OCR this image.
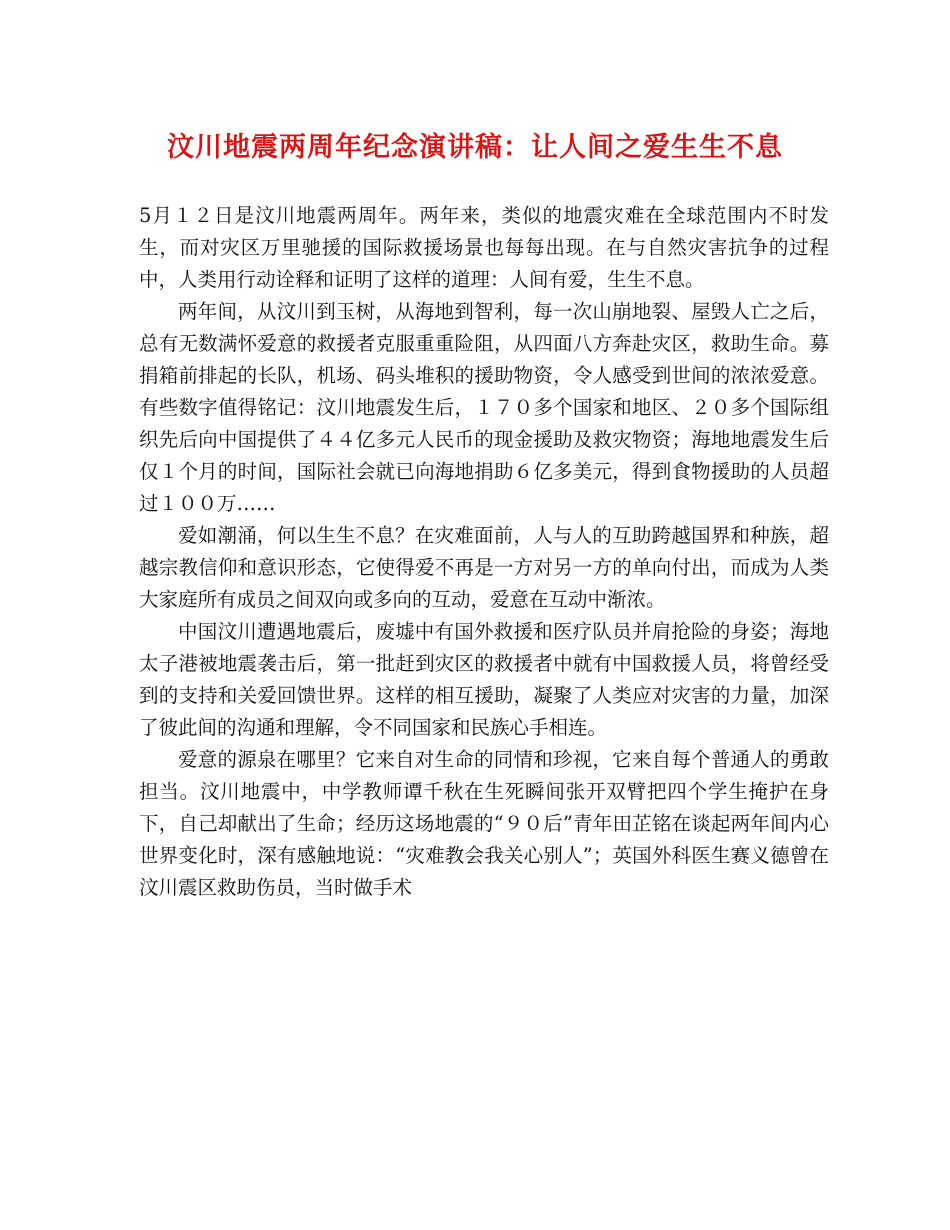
汶川地震两周年纪念演讲稿：让人间之爱生生不息

5月１２日是汶川地震两周年。两年来，类似的地震灾难在全球范围内不时发生，而对灾区万里驰援的国际救援场景也每每出现。在与自然灾害抗争的过程中，人类用行动诠释和证明了这样的道理：人间有爱，生生不息。

两年间，从汶川到玉树，从海地到智利，每一次山崩地裂、屋毁人亡之后，总有无数满怀爱意的救援者克服重重险阻，从四面八方奔赴灾区，救助生命。募捐箱前排起的长队，机场、码头堆积的援助物资，令人感受到世间的浓浓爱意。有些数字值得铭记：汶川地震发生后，１７０多个国家和地区、２０多个国际组织先后向中国提供了４４亿多元人民币的现金援助及救灾物资；海地地震发生后仅１个月的时间，国际社会就已向海地捐助６亿多美元，得到食物援助的人员超过１００万……

爱如潮涌，何以生生不息？在灾难面前，人与人的互助跨越国界和种族，超越宗教信仰和意识形态，它使得爱不再是一方对另一方的单向付出，而成为人类大家庭所有成员之间双向或多向的互动，爱意在互动中渐浓。

中国汶川遭遇地震后，废墟中有国外救援和医疗队员并肩抢险的身姿；海地太子港被地震袭击后，第一批赶到灾区的救援者中就有中国救援人员，将曾经受到的支持和关爱回馈世界。这样的相互援助，凝聚了人类应对灾害的力量，加深了彼此间的沟通和理解，令不同国家和民族心手相连。

爱意的源泉在哪里？它来自对生命的同情和珍视，它来自每个普通人的勇敢担当。汶川地震中，中学教师谭千秋在生死瞬间张开双臂把四个学生掩护在身下，自己却献出了生命；经历这场地震的“９０后”青年田芷铭在谈起两年间内心世界变化时，深有感触地说：“灾难教会我关心别人”；英国外科医生赛义德曾在汶川震区救助伤员，当时做手术
